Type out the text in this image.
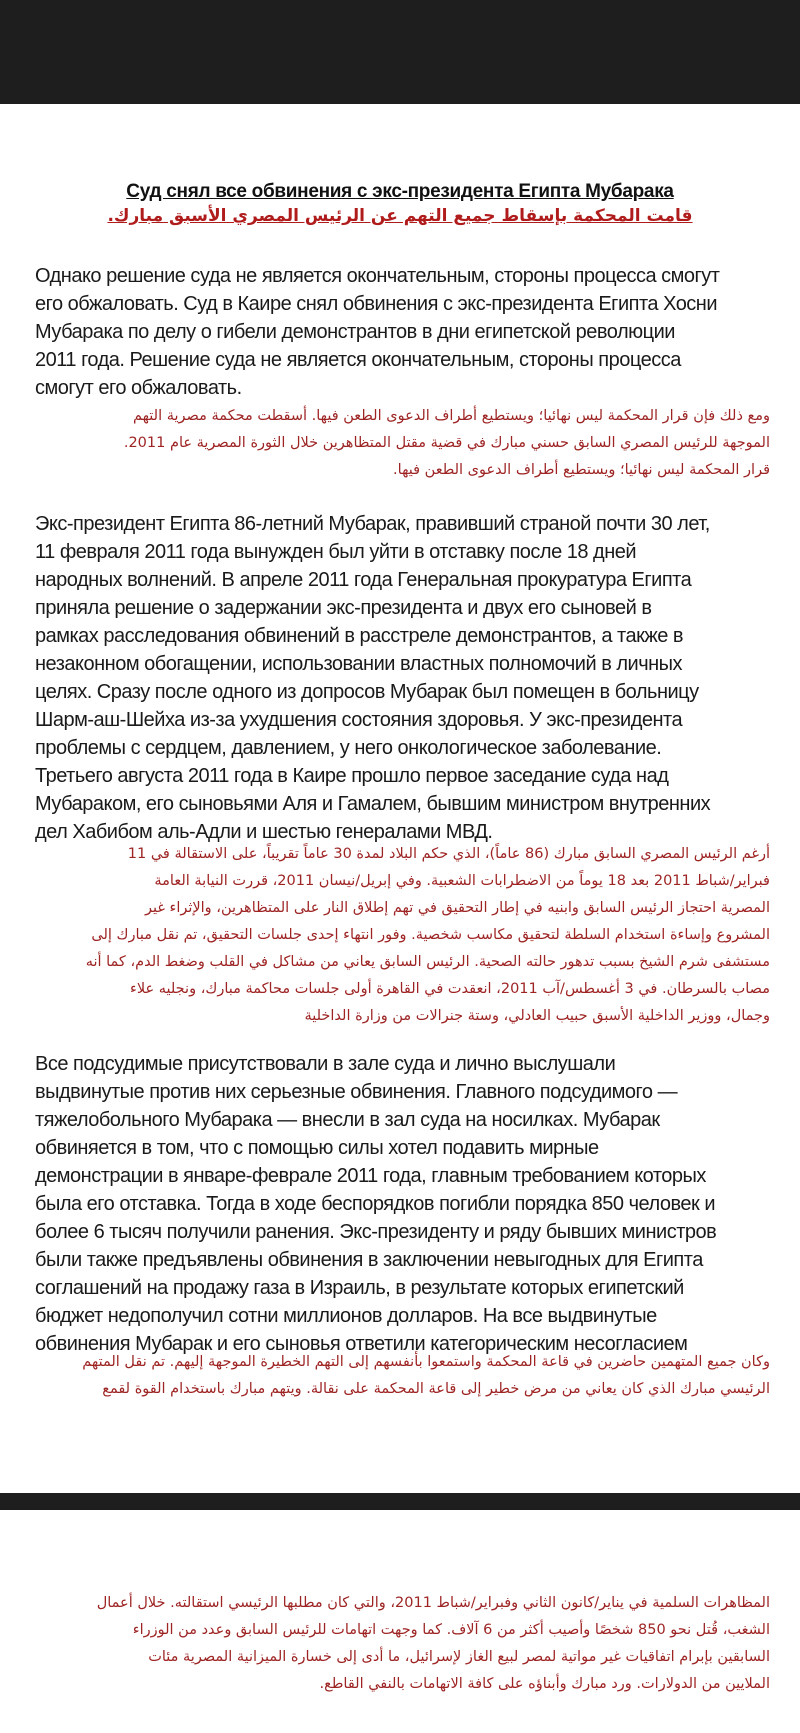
Суд снял все обвинения с экс-президента Египта Мубарака
قامت المحكمة بإسقاط جميع التهم عن الرئيس المصري الأسبق مبارك.
Однако решение суда не является окончательным, стороны процесса смогут
его обжаловать. Суд в Каире снял обвинения с экс-президента Египта Хосни
Мубарака по делу о гибели демонстрантов в дни египетской революции
2011 года. Решение суда не является окончательным, стороны процесса
смогут его обжаловать.
ومع ذلك فإن قرار المحكمة ليس نهائيا؛ ويستطيع أطراف الدعوى الطعن فيها. أسقطت محكمة مصرية التهم
الموجهة للرئيس المصري السابق حسني مبارك في قضية مقتل المتظاهرين خلال الثورة المصرية عام 2011.
قرار المحكمة ليس نهائيا؛ ويستطيع أطراف الدعوى الطعن فيها.
Экс-президент Египта 86-летний Мубарак, правивший страной почти 30 лет,
11 февраля 2011 года вынужден был уйти в отставку после 18 дней
народных волнений. В апреле 2011 года Генеральная прокуратура Египта
приняла решение о задержании экс-президента и двух его сыновей в
рамках расследования обвинений в расстреле демонстрантов, а также в
незаконном обогащении, использовании властных полномочий в личных
целях. Сразу после одного из допросов Мубарак был помещен в больницу
Шарм-аш-Шейха из-за ухудшения состояния здоровья. У экс-президента
проблемы с сердцем, давлением, у него онкологическое заболевание.
Третьего августа 2011 года в Каире прошло первое заседание суда над
Мубараком, его сыновьями Аля и Гамалем, бывшим министром внутренних
дел Хабибом аль-Адли и шестью генералами МВД.
أرغم الرئيس المصري السابق مبارك (86 عاماً)، الذي حكم البلاد لمدة 30 عاماً تقريباً، على الاستقالة في 11
فبراير/شباط 2011 بعد 18 يوماً من الاضطرابات الشعبية. وفي إبريل/نيسان 2011، قررت النيابة العامة
المصرية احتجاز الرئيس السابق وابنيه في إطار التحقيق في تهم إطلاق النار على المتظاهرين، والإثراء غير
المشروع وإساءة استخدام السلطة لتحقيق مكاسب شخصية. وفور انتهاء إحدى جلسات التحقيق، تم نقل مبارك إلى
مستشفى شرم الشيخ بسبب تدهور حالته الصحية. الرئيس السابق يعاني من مشاكل في القلب وضغط الدم، كما أنه
مصاب بالسرطان. في 3 أغسطس/آب 2011، انعقدت في القاهرة أولى جلسات محاكمة مبارك، ونجليه علاء
وجمال، ووزير الداخلية الأسبق حبيب العادلي، وستة جنرالات من وزارة الداخلية
Все подсудимые присутствовали в зале суда и лично выслушали
выдвинутые против них серьезные обвинения. Главного подсудимого —
тяжелобольного Мубарака — внесли в зал суда на носилках. Мубарак
обвиняется в том, что с помощью силы хотел подавить мирные
демонстрации в январе-феврале 2011 года, главным требованием которых
была его отставка. Тогда в ходе беспорядков погибли порядка 850 человек и
более 6 тысяч получили ранения. Экс-президенту и ряду бывших министров
были также предъявлены обвинения в заключении невыгодных для Египта
соглашений на продажу газа в Израиль, в результате которых египетский
бюджет недополучил сотни миллионов долларов. На все выдвинутые
обвинения Мубарак и его сыновья ответили категорическим несогласием
وكان جميع المتهمين حاضرين في قاعة المحكمة واستمعوا بأنفسهم إلى التهم الخطيرة الموجهة إليهم. تم نقل المتهم
الرئيسي مبارك الذي كان يعاني من مرض خطير إلى قاعة المحكمة على نقالة. ويتهم مبارك باستخدام القوة لقمع
المظاهرات السلمية في يناير/كانون الثاني وفبراير/شباط 2011، والتي كان مطلبها الرئيسي استقالته. خلال أعمال
الشغب، قُتل نحو 850 شخصًا وأصيب أكثر من 6 آلاف. كما وجهت اتهامات للرئيس السابق وعدد من الوزراء
السابقين بإبرام اتفاقيات غير مواتية لمصر لبيع الغاز لإسرائيل، ما أدى إلى خسارة الميزانية المصرية مئات
الملايين من الدولارات. ورد مبارك وأبناؤه على كافة الاتهامات بالنفي القاطع.
